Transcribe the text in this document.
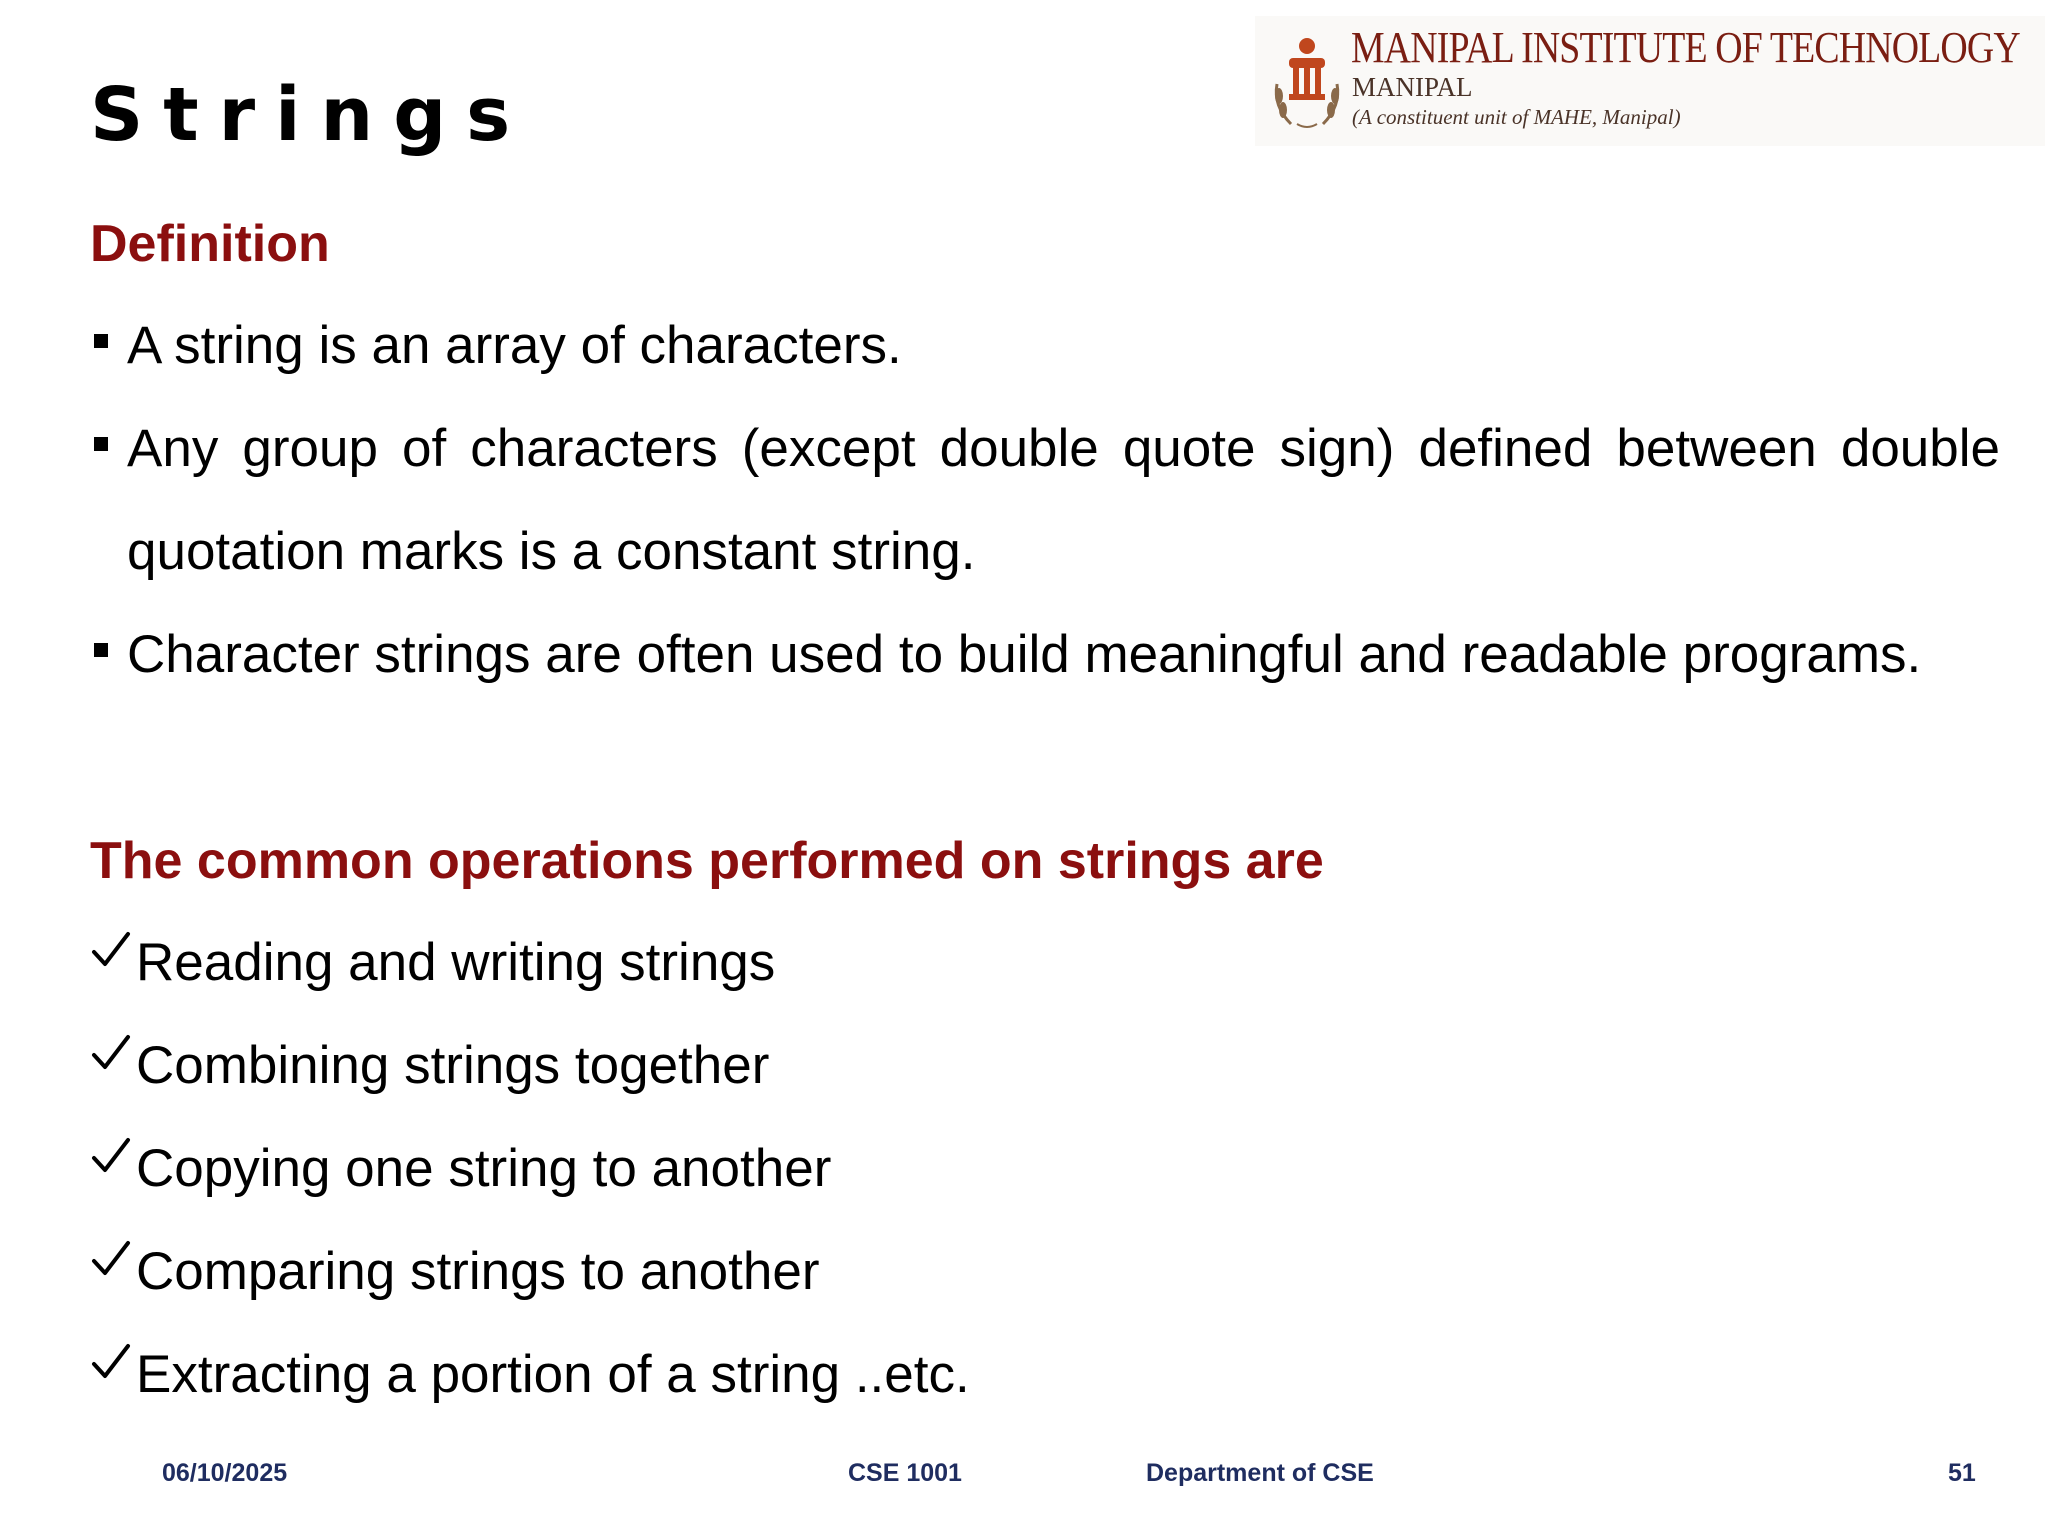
Strings
MANIPAL INSTITUTE OF TECHNOLOGY
MANIPAL
(A constituent unit of MAHE, Manipal)
Definition
A string is an array of characters.
Any group of characters (except double quote sign) defined between double quotation marks is a constant string.
Character strings are often used to build meaningful and readable programs.
The common operations performed on strings are
Reading and writing strings
Combining strings together
Copying one string to another
Comparing strings to another
Extracting a portion of a string ..etc.
06/10/2025	CSE 1001	Department of CSE	51
